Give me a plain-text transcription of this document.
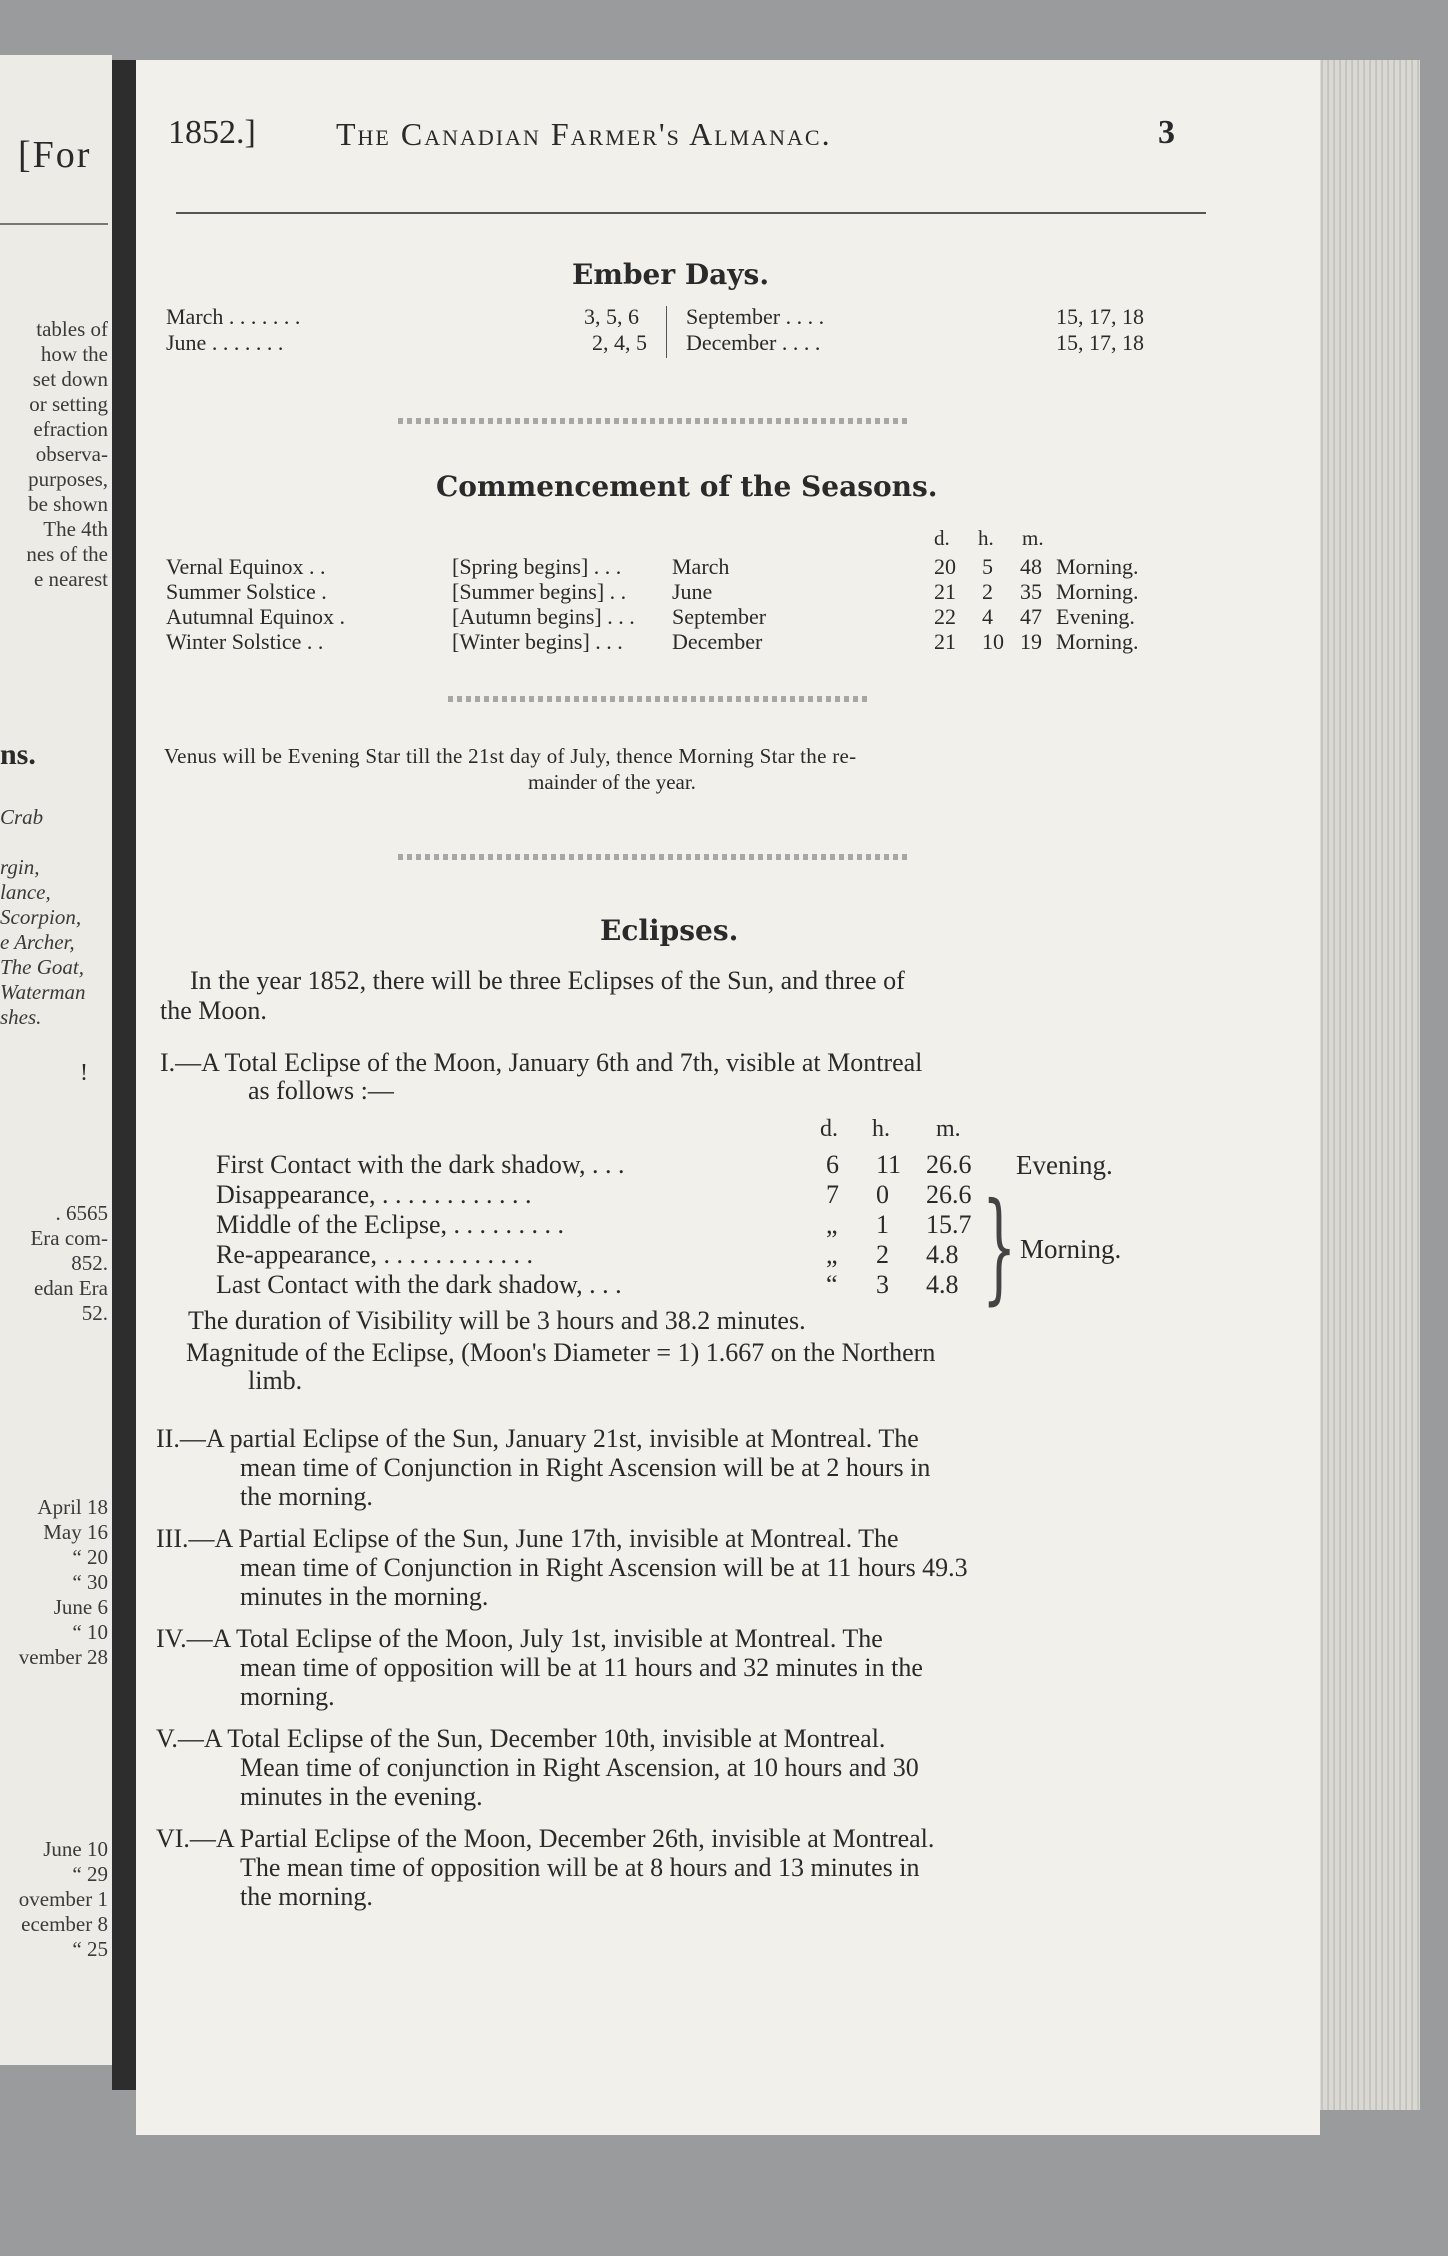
[For
tables of
how the
set down
or setting
efraction
observa-
purposes,
be shown
The 4th
nes of the
e nearest
ns.
Crab
rgin,
lance,
Scorpion,
e Archer,
The Goat,
Waterman
shes.
!
. 6565
Era com-
852.
edan Era
52.
April 18
May 16
“ 20
“ 30
June 6
“ 10
vember 28
June 10
“ 29
ovember 1
ecember 8
“ 25
1852.]	The Canadian Farmer's Almanac.	3
Ember Days.
March . . . . . . .	3, 5, 6 September . . . .	15, 17, 18
June . . . . . . .	2, 4, 5 December . . . .	15, 17, 18
Commencement of the Seasons.
d. h. m.
Vernal Equinox . .	[Spring begins] . . . March	20 5 48 Morning.
Summer Solstice .	[Summer begins] . . June	21 2 35 Morning.
Autumnal Equinox .	[Autumn begins] . . . September	22 4 47 Evening.
Winter Solstice . .	[Winter begins] . . . December	21 10 19 Morning.
Venus will be Evening Star till the 21st day of July, thence Morning Star the re-
mainder of the year.
Eclipses.
In the year 1852, there will be three Eclipses of the Sun, and three of
the Moon.
I.—A Total Eclipse of the Moon, January 6th and 7th, visible at Montreal
as follows :—
d. h. m.
First Contact with the dark shadow, . . .	6 11 26.6
Disappearance, . . . . . . . . . . . .	7 0 26.6
Middle of the Eclipse, . . . . . . . . .	„ 1 15.7
Re-appearance, . . . . . . . . . . . .	„ 2 4.8
Last Contact with the dark shadow, . . .	“ 3 4.8
Evening.
} Morning.
The duration of Visibility will be 3 hours and 38.2 minutes.
Magnitude of the Eclipse, (Moon's Diameter = 1) 1.667 on the Northern
limb.
II.—A partial Eclipse of the Sun, January 21st, invisible at Montreal. The
mean time of Conjunction in Right Ascension will be at 2 hours in
the morning.
III.—A Partial Eclipse of the Sun, June 17th, invisible at Montreal. The
mean time of Conjunction in Right Ascension will be at 11 hours 49.3
minutes in the morning.
IV.—A Total Eclipse of the Moon, July 1st, invisible at Montreal. The
mean time of opposition will be at 11 hours and 32 minutes in the
morning.
V.—A Total Eclipse of the Sun, December 10th, invisible at Montreal.
Mean time of conjunction in Right Ascension, at 10 hours and 30
minutes in the evening.
VI.—A Partial Eclipse of the Moon, December 26th, invisible at Montreal.
The mean time of opposition will be at 8 hours and 13 minutes in
the morning.
